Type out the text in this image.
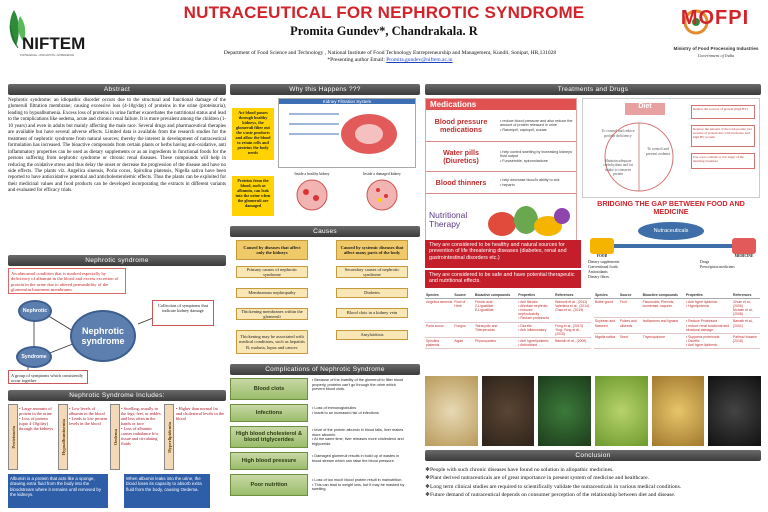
NIFTEM
KNOWLEDGE • INNOVATION • EXPERIENCE
MOFPI
Ministry of Food Processing Industries
Government of India
NUTRACEUTICAL FOR NEPHROTIC SYNDROME
Promita Gundev*, Chandrakala. R
Department of Food Science and Technology , National Institute of Food Technology Entrepreneurship and Management, Kundli, Sonipat, HR,131028
*Presenting author Email: Promita.gundev@niftem.ac.in
Abstract
Nephrotic syndrome; an idiopathic disorder occurs due to the structural and functional damage of the glomeruli filtration membrane; causing excessive loss (4-10g/day) of proteins in the urine (proteinuria), leading to hypoalbumenia. Excess loss of proteins in urine further exacerbates the nutritional status and lead to the complications like oedema, acute and chronic renal failure. It is more prevalent among the children (1-10 years) and even in adults but mainly affecting the male race. Several drugs and pharmaceutical therapies are available but have several adverse effects. Limited data is available from the research studies for the treatment of nephrotic syndrome from natural sources; thereby the interest in development of nutraceutical formulation has increased. The bioactive compounds from certain plants or herbs having anti-oxidative, anti inflammatory properties can be used as dietary supplements or as an ingredients in functional foods for the persons suffering from nephrotic syndrome or chronic renal diseases. These compounds will help in reducing the oxidative stress and thus delay the onset or decrease the progression of the disease and have no side effects. The plants viz. Angelica sinensis, Poria cocos, Spirulina platensis, Nigella sativa have been reported to have antioxidative potential and anticholesterolemic effects. Thus the plants can be exploited for their medicinal values and food products can be developed incorporating the extracts in different variants and evaluated for efficacy trials.
Nephrotic syndrome
An abnormal condition that is marked especially by deficiency of albumin in the blood and excess excretion of protein in the urine due to altered permeability of the glomerular basement membranes
Nephrotic
Syndrome
Nephrotic syndrome
Collection of symptoms that indicate kidney damage
A group of symptoms which consistently occur together
Nephrotic Syndrome Includes:
Proteinuria
• Large amounts of protein in the urine
• Loss of protein (upto 4-10g/day) through the kidneys	Hypoalbuminemia
• Low levels of albumin in the blood
• Leads to low protein levels in the blood
Oedema
• Swelling, usually in the legs, feet, or ankles and less often in the hands or face
• Loss of albumin causes imbalance b/w tissue and circulating fluids	Hyperlipidemia
• Higher than normal fat and cholesterol levels in the blood
Albumin is a protein that acts like a sponge, drawing extra fluid from the body into the bloodstream where it remains until removed by the kidneys.
When albumin leaks into the urine, the blood loses its capacity to absorb extra fluid from the body, causing Oedema.
Why this Happens ???
Act blood passes through healthy kidneys, the glomeruli filter out the waste products and allow the blood to retain cells and proteins the body needs
Kidney Filtration System
Proteins from the blood, such as albumin, can leak into the urine when the glomeruli are damaged
Inside a healthy kidney	Inside a damaged kidney
Causes
Caused by diseases that affect only the kidneys
Caused by systemic diseases that affect many parts of the body
Primary causes of nephrotic syndrome
Membranous nephropathy
Thickening membranes within the glomeruli
Thickening may be associated with medical conditions, such as hepatitis B, malaria, lupus and cancer.
Secondary causes of nephrotic syndrome
Diabetes
Blood clots in a kidney vein
Amyloidosis
Complications of Nephrotic Syndrome
Blood clots
• Because of the inability of the glomeruli to filter blood properly, proteins can't go through the urine which prevent blood clots.
Infections
• Loss of immunoglobulins
• leads to an increased risk of infections
High blood cholesterol & blood triglycerides
• level of the protein albumin in blood falls, liver makes more albumin.
• At the same time, liver releases more cholesterol and triglyceride.
High blood pressure
• Damaged glomeruli results in build up of wastes in blood stream which can raise the blood pressure.
Poor nutrition
• Loss of too much blood protein result in malnutrition.
• This can lead to weight loss, but it may be masked by swelling.
Treatments and Drugs
Medications
Blood pressure medications
• reduce blood pressure and also reduce the amount of protein released in urine
• Rasmipril, captopril, cozaar
Water pills (Diuretics)
• help control swelling by increasing kidneys' fluid output
• Furosemide, spironolactone
Blood thinners	• help decrease blood's ability to clot
• heparin
Nutritional Therapy
Diet
To control and reduce protein deficiency
To control and prevent oedema
Maintain adequate carbohydrate and fat intake to conserve protein
Reduce the sources of protein (high BV)
Replace the amount of the total protein lost in urine of protein diet with moderate and high BV protein
Use a low sodium or low sugar of the morning breakfast
BRIDGING THE GAP BETWEEN FOOD AND MEDICINE
Nutraceuticals
FOOD	MEDICINE
Dietary supplements
Conventional foods
Antioxidants
Dietary fibres
Drugs
Prescription medicines
They are considered to be healthy and natural sources for prevention of life threatening diseases (diabetes, renal and gastrointestinal disorders etc.)
They are considered to be safe and have potential therapeutic and nutritional effects.
Species	Source	Bioactive compounds	Properties	References
Angelica sinensis	Root of Herb	Ferulic acid
Z-Ligustilide
E-Ligustilide	• Anti fibrosis
• Alleviate nephrotic
• Induced nephrotoxicity
• Reduce proteinuria	Wamorli et al., (2011)
Valentina et al., (2014)
Chao et al., (2015)
Poria cocos	Fungus	Tetracyclic and Triterpenoids	• Diuretic
• Anti inflammatory	Feng et al., (2013)
Ying- Yong et al., (2015)
Spirulina platensis	Algae	Phycocyanins	• Anti hyperlipidemic
• Antioxidant	Bamsih et al., (2009)
Species	Source	Bioactive compounds	Properties	References
Bottle gourd	Fruit	Flavonoids, Phenols, isomerase, saponin.	• Anti hyper lipidemic
• Hypolipidemic	Ghule et al., (2006)
Mohale et al., (2008)
Soybean and flaxseed	Pulses and oilseeds	Isoflavones and lignans	• Reduce Proteinuria
• reduce renal functional and structural damage.	Barrath et al., (2001)
Nigella sativa	Seed	Thymoquinone	• Suppress proteinuria
• Diuretic
• Anti hyper lipidemic	Patima Hossein (2018)
Conclusion
❖People with such chronic diseases have found no solution in allopathic medicines.
❖Plant derived nutraceuticals are of great importance in present system of medicine and healthcare.
❖Long term clinical studies are required to scientifically validate the nutraceuticals in various medical conditions.
❖Future demand of nutraceutical depends on consumer perception of the relationship between diet and disease.
